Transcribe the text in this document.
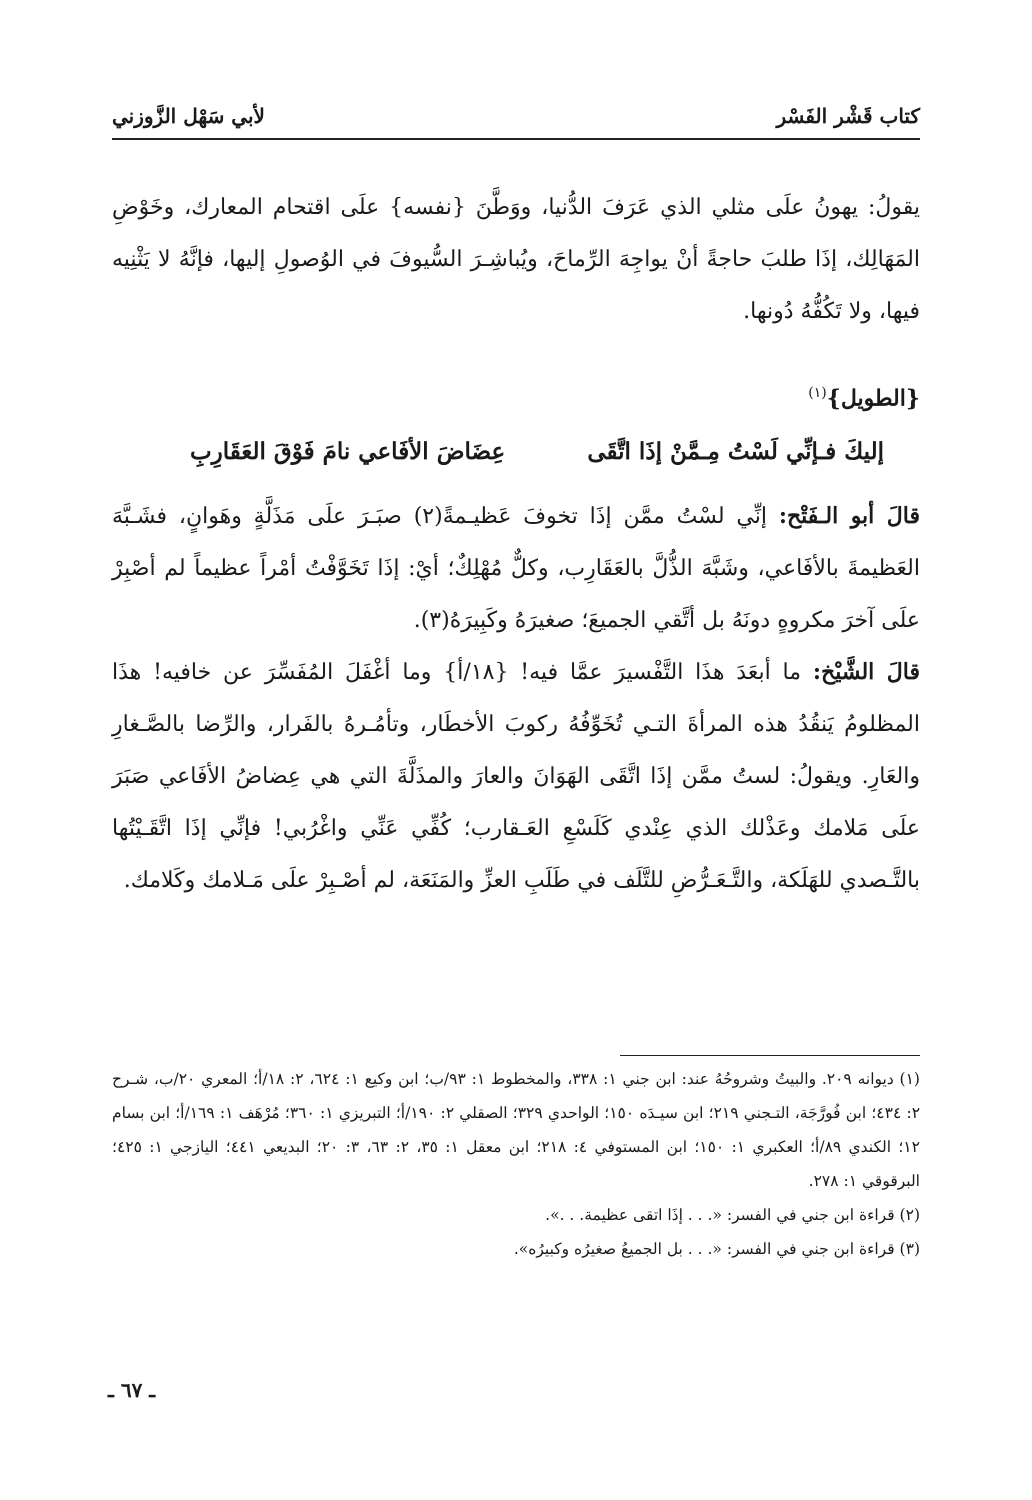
كتاب قَشْر الفَسْر
لأبي سَهْل الزَّوزني
يقولُ: يهونُ علَى مثلي الذي عَرَفَ الدُّنيا، ووَطَّنَ {نفسه} علَى اقتحام المعارك، وخَوْضِ المَهَالِك، إذَا طلبَ حاجةً أنْ يواجِهَ الرِّماحَ، ويُباشِـرَ السُّيوفَ في الوُصولِ إليها، فإنَّهُ لا يَثْنِيه فيها، ولا تَكُفُّهُ دُونها.
{الطويل}$^{(١)}$
إليكَ فـإنِّي لَسْتُ مِـمَّنْ إذَا اتَّقَى
عِضَاضَ الأفَاعي نامَ فَوْقَ العَقَارِبِ
قالَ أبو الـفَتْح: إنِّي لسْتُ ممَّن إذَا تخوفَ عَظيـمةً(٢) صبَـرَ علَى مَذَلَّةٍ وهَوانٍ، فشَـبَّهَ العَظيمةَ بالأفَاعي، وشَبَّهَ الذُّلَّ بالعَقَارِب، وكلٌّ مُهْلِكٌ؛ أيْ: إذَا تَخَوَّفْتُ أمْراً عظيماً لم أصْبِرْ علَى آخرَ مكروهٍ دونَهُ بل أتَّقي الجميعَ؛ صغيرَهُ وكَبِيرَهُ(٣).
قالَ الشَّيْخ: ما أبعَدَ هذَا التَّفْسيرَ عمَّا فيه! {١٨/أ} وما أغْفَلَ المُفَسِّرَ عن خافيه! هذَا المظلومُ يَنقُدُ هذه المرأةَ التـي تُخَوِّفُهُ ركوبَ الأخطَار، وتأمُـرهُ بالفَرار، والرِّضا بالصَّـغارِ والعَارِ. ويقولُ: لستُ ممَّن إذَا اتَّقَى الهَوَانَ والعارَ والمذَلَّةَ التي هي عِضاضُ الأفَاعي صَبَرَ علَى مَلامك وعَذْلك الذي عِنْدي كَلَسْعِ العَـقارب؛ كُفِّي عَنِّي واغْرُبي! فإنِّي إذَا اتَّقَـيْتُها بالتَّـصدي للهَلَكة، والتَّـعَـرُّضِ للتَّلَف في طَلَبِ العزِّ والمَنَعَة، لم أصْـبِرْ علَى مَـلامك وكَلامك.

(١) ديوانه ٢٠٩. والبيتُ وشروحُهُ عند: ابن جني ١: ٣٣٨، والمخطوط ١: ٩٣/ب؛ ابن وكيع ١: ٦٢٤، ٢: ١٨/أ؛ المعري ٢٠/ب، شـرح ٢: ٤٣٤؛ ابن فُورَّجَة، التـجني ٢١٩؛ ابن سيـدَه ١٥٠؛ الواحدي ٣٢٩؛ الصقلي ٢: ١٩٠/أ؛ التبريزي ١: ٣٦٠؛ مُرْهَف ١: ١٦٩/أ؛ ابن بسام ١٢؛ الكندي ٨٩/أ؛ العكبري ١: ١٥٠؛ ابن المستوفي ٤: ٢١٨؛ ابن معقل ١: ٣٥، ٢: ٦٣، ٣: ٢٠؛ البديعي ٤٤١؛ اليازجي ١: ٤٢٥؛ البرقوقي ١: ٢٧٨.

(٢) قراءة ابن جني في الفسر: «. . . إذَا اتقى عظيمة. . .».

(٣) قراءة ابن جني في الفسر: «. . . بل الجميعُ صغيرُه وكبيرُه».

ـ ٦٧ ـ
